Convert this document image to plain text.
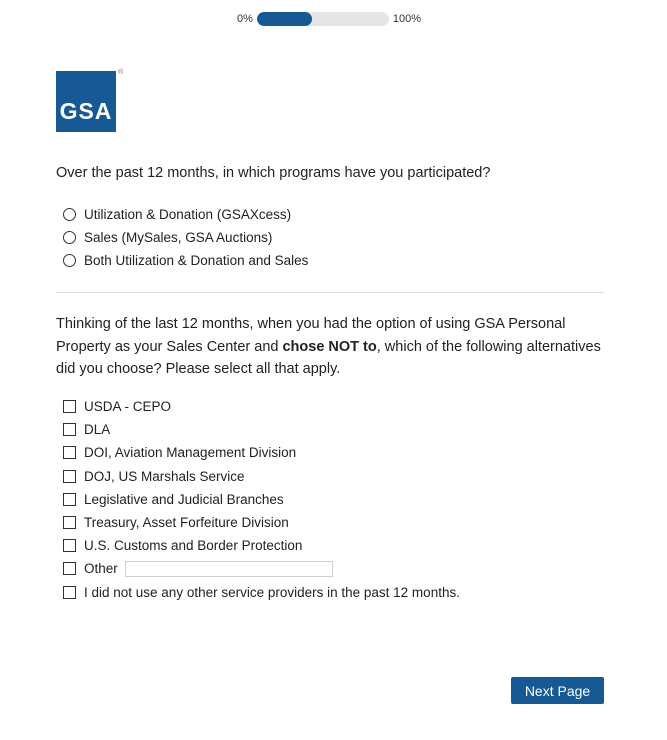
0%	100%
GSA
®
Over the past 12 months, in which programs have you participated?
Utilization & Donation (GSAXcess)
Sales (MySales, GSA Auctions)
Both Utilization & Donation and Sales
Thinking of the last 12 months, when you had the option of using GSA Personal Property as your Sales Center and chose NOT to, which of the following alternatives did you choose? Please select all that apply.
USDA - CEPO
DLA
DOI, Aviation Management Division
DOJ, US Marshals Service
Legislative and Judicial Branches
Treasury, Asset Forfeiture Division
U.S. Customs and Border Protection
Other
I did not use any other service providers in the past 12 months.
Next Page
